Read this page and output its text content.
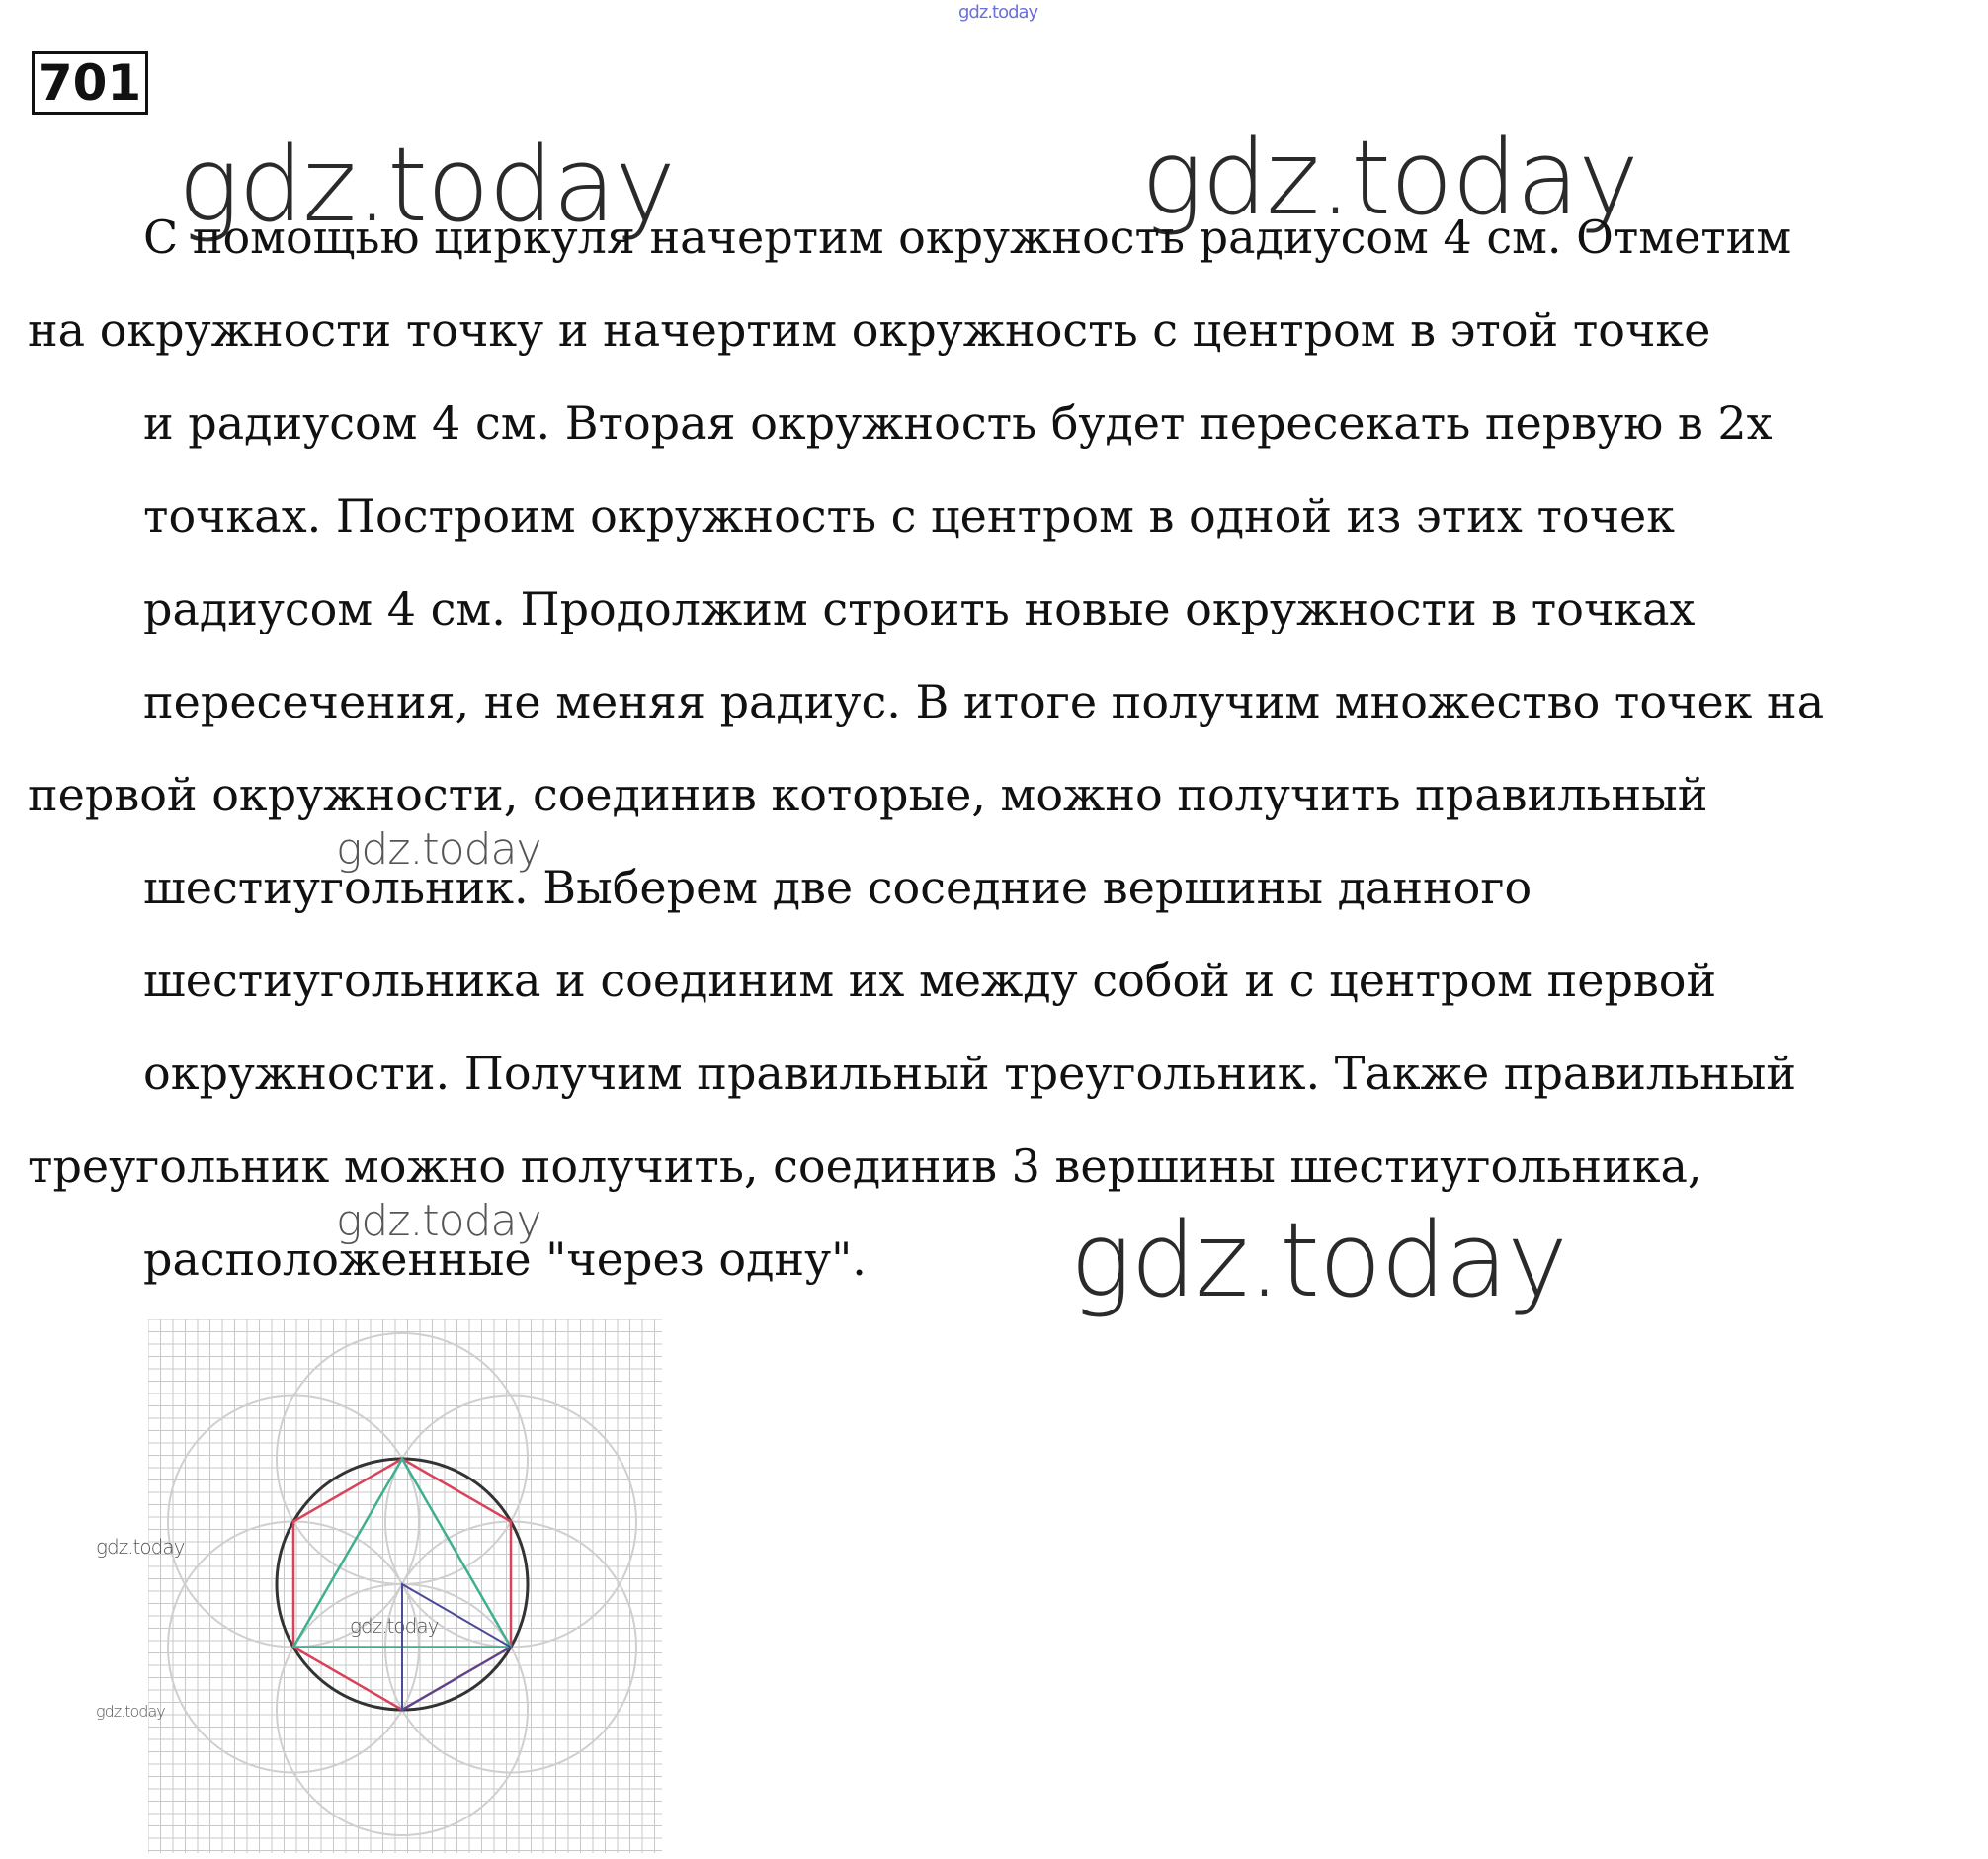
gdz.today
701
gdz.today	gdz.today
С помощью циркуля начертим окружность радиусом 4 см. Отметим
на окружности точку и начертим окружность с центром в этой точке
и радиусом 4 см. Вторая окружность будет пересекать первую в 2х
точках. Построим окружность с центром в одной из этих точек
радиусом 4 см. Продолжим строить новые окружности в точках
пересечения, не меняя радиус. В итоге получим множество точек на
первой окружности, соединив которые, можно получить правильный
gdz.today
шестиугольник. Выберем две соседние вершины данного
шестиугольника и соединим их между собой и с центром первой
окружности. Получим правильный треугольник. Также правильный
треугольник можно получить, соединив 3 вершины шестиугольника,
gdz.today
расположенные "через одну". gdz.today
gdz.today
gdz.today
gdz.today
